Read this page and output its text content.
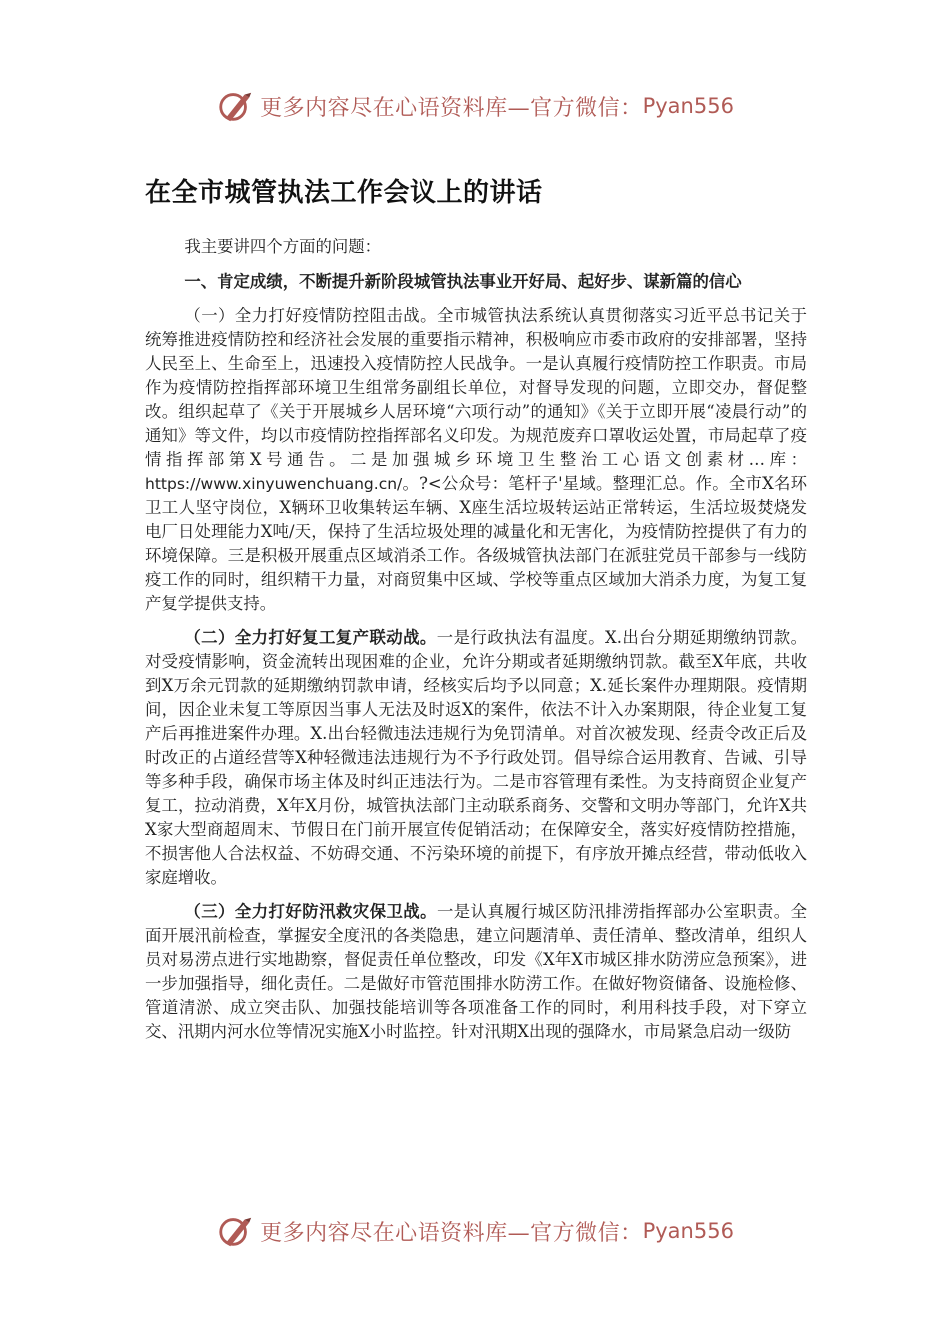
更多内容尽在心语资料库—官方微信： Pyan556
在全市城管执法工作会议上的讲话

我主要讲四个方面的问题：

一、肯定成绩，不断提升新阶段城管执法事业开好局、起好步、谋新篇的信心

（一）全力打好疫情防控阻击战。全市城管执法系统认真贯彻落实习近平总书记关于统筹推进疫情防控和经济社会发展的重要指示精神，积极响应市委市政府的安排部署，坚持人民至上、生命至上，迅速投入疫情防控人民战争。一是认真履行疫情防控工作职责。市局作为疫情防控指挥部环境卫生组常务副组长单位，对督导发现的问题，立即交办，督促整改。组织起草了《关于开展城乡人居环境“六项行动”的通知》《关于立即开展“凌晨行动”的通知》等文件，均以市疫情防控指挥部名义印发。为规范废弃口罩收运处置，市局起草了疫情指挥部第X号通告。二是加强城乡环境卫生整治工心语文创素材…库：https://www.xinyuwenchuang.cn/。?<公众号：笔杆子'星域。整理汇总。作。全市X名环卫工人坚守岗位，X辆环卫收集转运车辆、X座生活垃圾转运站正常转运，生活垃圾焚烧发电厂日处理能力X吨/天，保持了生活垃圾处理的减量化和无害化，为疫情防控提供了有力的环境保障。三是积极开展重点区域消杀工作。各级城管执法部门在派驻党员干部参与一线防疫工作的同时，组织精干力量，对商贸集中区域、学校等重点区域加大消杀力度，为复工复产复学提供支持。

（二）全力打好复工复产联动战。一是行政执法有温度。X.出台分期延期缴纳罚款。对受疫情影响，资金流转出现困难的企业，允许分期或者延期缴纳罚款。截至X年底，共收到X万余元罚款的延期缴纳罚款申请，经核实后均予以同意；X.延长案件办理期限。疫情期间，因企业未复工等原因当事人无法及时返X的案件，依法不计入办案期限，待企业复工复产后再推进案件办理。X.出台轻微违法违规行为免罚清单。对首次被发现、经责令改正后及时改正的占道经营等X种轻微违法违规行为不予行政处罚。倡导综合运用教育、告诫、引导等多种手段，确保市场主体及时纠正违法行为。二是市容管理有柔性。为支持商贸企业复产复工，拉动消费，X年X月份，城管执法部门主动联系商务、交警和文明办等部门，允许X共X家大型商超周末、节假日在门前开展宣传促销活动；在保障安全，落实好疫情防控措施，不损害他人合法权益、不妨碍交通、不污染环境的前提下，有序放开摊点经营，带动低收入家庭增收。

（三）全力打好防汛救灾保卫战。一是认真履行城区防汛排涝指挥部办公室职责。全面开展汛前检查，掌握安全度汛的各类隐患，建立问题清单、责任清单、整改清单，组织人员对易涝点进行实地勘察，督促责任单位整改，印发《X年X市城区排水防涝应急预案》，进一步加强指导，细化责任。二是做好市管范围排水防涝工作。在做好物资储备、设施检修、管道清淤、成立突击队、加强技能培训等各项准备工作的同时，利用科技手段，对下穿立交、汛期内河水位等情况实施X小时监控。针对汛期X出现的强降水，市局紧急启动一级防

更多内容尽在心语资料库—官方微信： Pyan556
